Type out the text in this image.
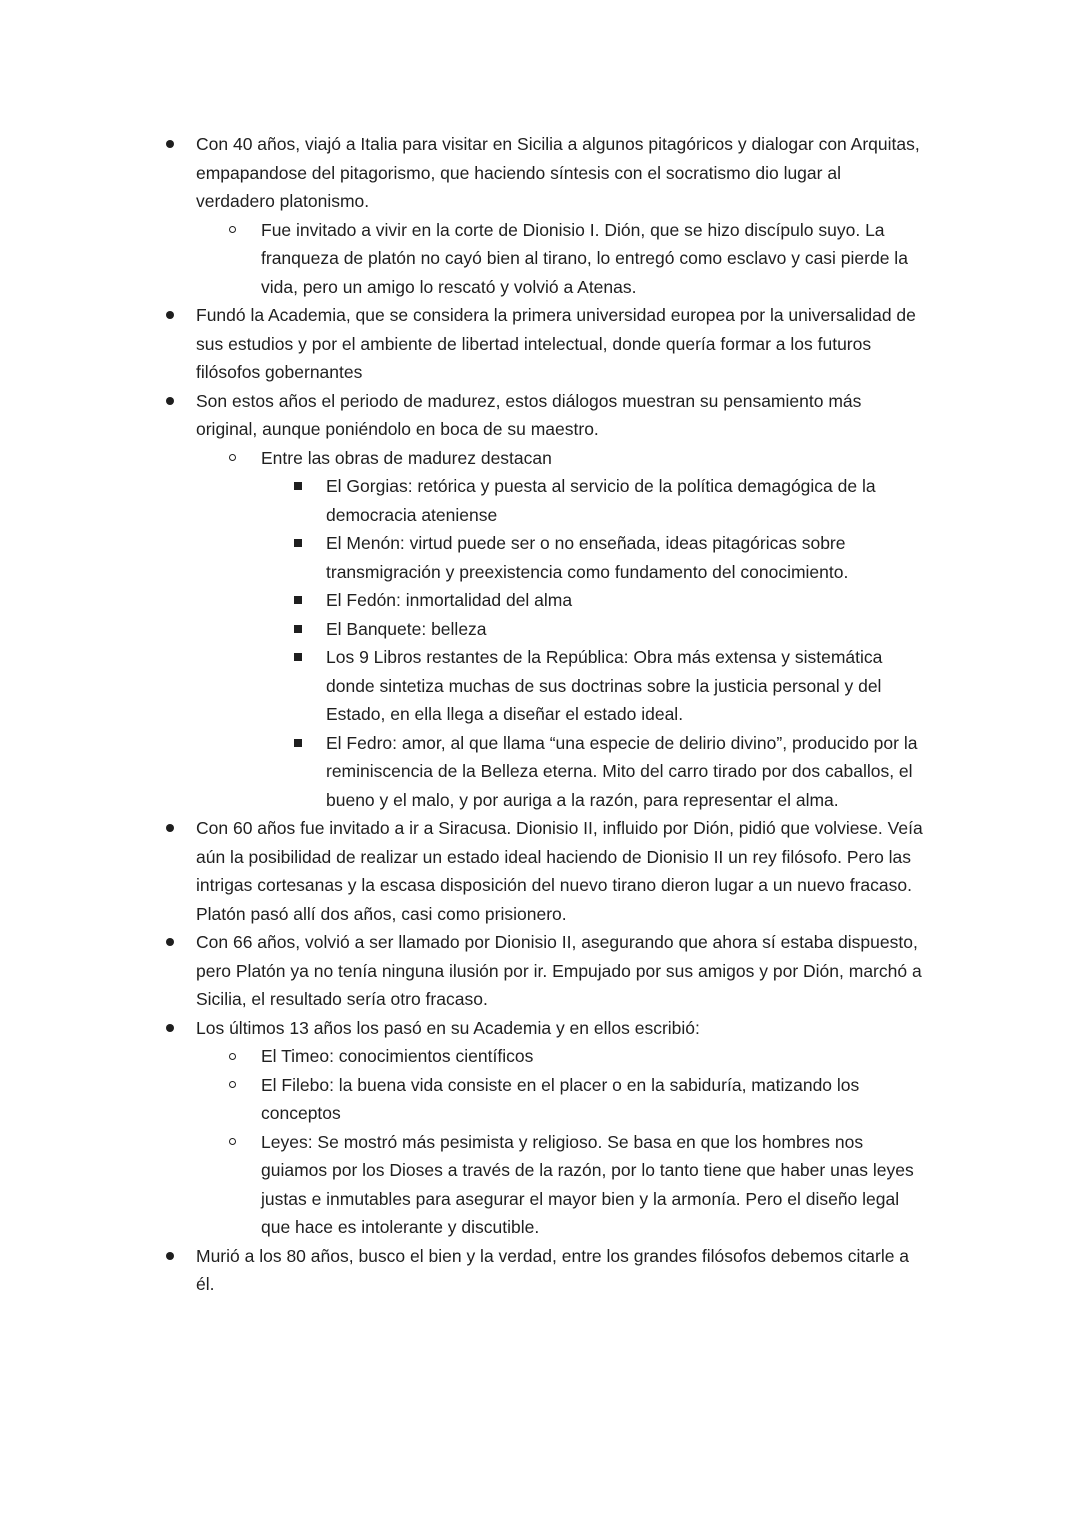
Con 40 años, viajó a Italia para visitar en Sicilia a algunos pitagóricos y dialogar con Arquitas,
empapandose del pitagorismo, que haciendo síntesis con el socratismo dio lugar al
verdadero platonismo.
Fue invitado a vivir en la corte de Dionisio I. Dión, que se hizo discípulo suyo. La
franqueza de platón no cayó bien al tirano, lo entregó como esclavo y casi pierde la
vida, pero un amigo lo rescató y volvió a Atenas.
Fundó la Academia, que se considera la primera universidad europea por la universalidad de
sus estudios y por el ambiente de libertad intelectual, donde quería formar a los futuros
filósofos gobernantes
Son estos años el periodo de madurez, estos diálogos muestran su pensamiento más
original, aunque poniéndolo en boca de su maestro.
Entre las obras de madurez destacan
El Gorgias: retórica y puesta al servicio de la política demagógica de la
democracia ateniense
El Menón: virtud puede ser o no enseñada, ideas pitagóricas sobre
transmigración y preexistencia como fundamento del conocimiento.
El Fedón: inmortalidad del alma
El Banquete: belleza
Los 9 Libros restantes de la República: Obra más extensa y sistemática
donde sintetiza muchas de sus doctrinas sobre la justicia personal y del
Estado, en ella llega a diseñar el estado ideal.
El Fedro: amor, al que llama “una especie de delirio divino”, producido por la
reminiscencia de la Belleza eterna. Mito del carro tirado por dos caballos, el
bueno y el malo, y por auriga a la razón, para representar el alma.
Con 60 años fue invitado a ir a Siracusa. Dionisio II, influido por Dión, pidió que volviese. Veía
aún la posibilidad de realizar un estado ideal haciendo de Dionisio II un rey filósofo. Pero las
intrigas cortesanas y la escasa disposición del nuevo tirano dieron lugar a un nuevo fracaso.
Platón pasó allí dos años, casi como prisionero.
Con 66 años, volvió a ser llamado por Dionisio II, asegurando que ahora sí estaba dispuesto,
pero Platón ya no tenía ninguna ilusión por ir. Empujado por sus amigos y por Dión, marchó a
Sicilia, el resultado sería otro fracaso.
Los últimos 13 años los pasó en su Academia y en ellos escribió:
El Timeo: conocimientos científicos
El Filebo: la buena vida consiste en el placer o en la sabiduría, matizando los
conceptos
Leyes: Se mostró más pesimista y religioso. Se basa en que los hombres nos
guiamos por los Dioses a través de la razón, por lo tanto tiene que haber unas leyes
justas e inmutables para asegurar el mayor bien y la armonía. Pero el diseño legal
que hace es intolerante y discutible.
Murió a los 80 años, busco el bien y la verdad, entre los grandes filósofos debemos citarle a
él.
